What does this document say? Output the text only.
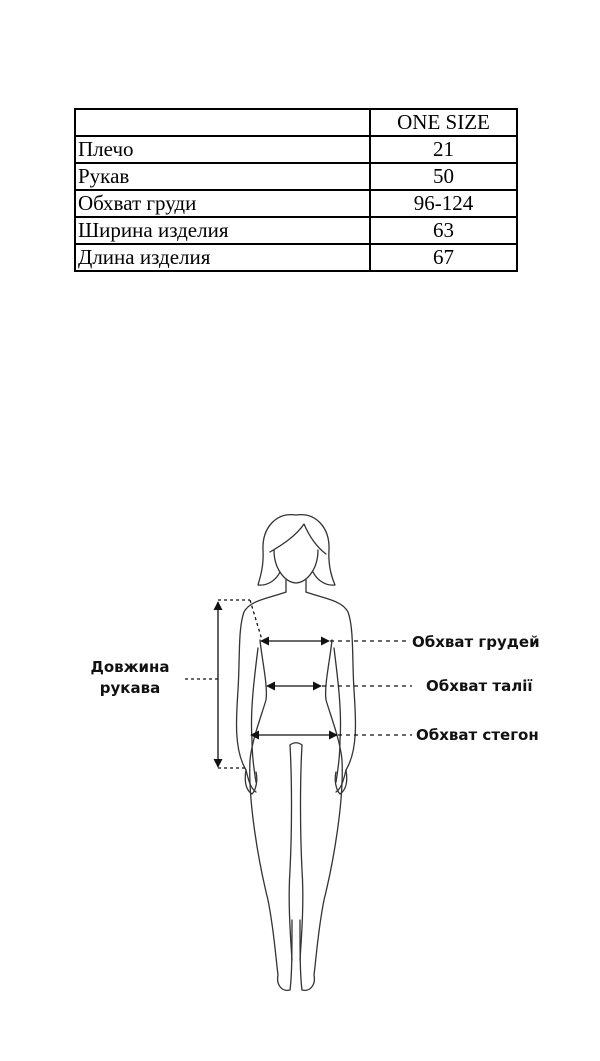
	ONE SIZE
Плечо	21
Рукав	50
Обхват груди	96-124
Ширина изделия	63
Длина изделия	67
Довжина
рукава
Обхват грудей
Обхват талії
Обхват стегон
